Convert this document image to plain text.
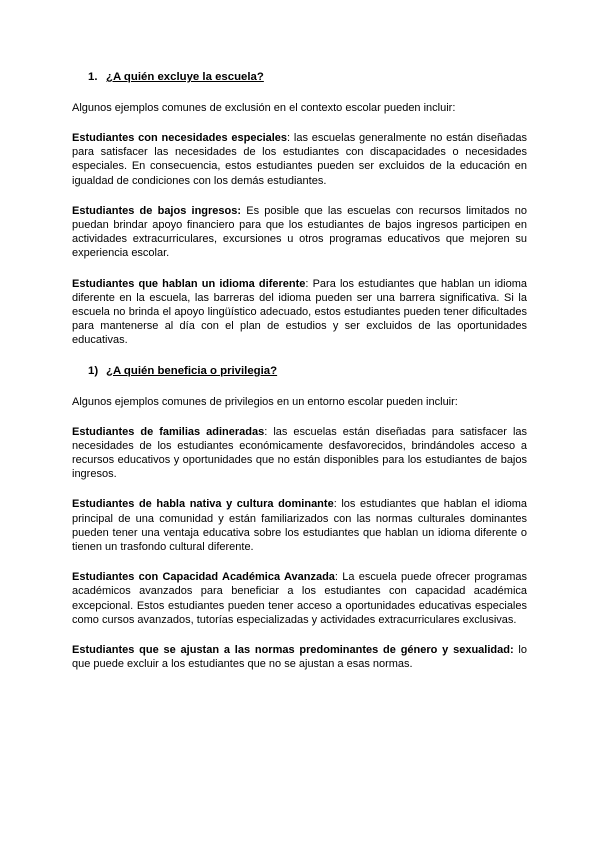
1. ¿A quién excluye la escuela?

Algunos ejemplos comunes de exclusión en el contexto escolar pueden incluir:

Estudiantes con necesidades especiales: las escuelas generalmente no están diseñadas para satisfacer las necesidades de los estudiantes con discapacidades o necesidades especiales. En consecuencia, estos estudiantes pueden ser excluidos de la educación en igualdad de condiciones con los demás estudiantes.

Estudiantes de bajos ingresos: Es posible que las escuelas con recursos limitados no puedan brindar apoyo financiero para que los estudiantes de bajos ingresos participen en actividades extracurriculares, excursiones u otros programas educativos que mejoren su experiencia escolar.

Estudiantes que hablan un idioma diferente: Para los estudiantes que hablan un idioma diferente en la escuela, las barreras del idioma pueden ser una barrera significativa. Si la escuela no brinda el apoyo lingüístico adecuado, estos estudiantes pueden tener dificultades para mantenerse al día con el plan de estudios y ser excluidos de las oportunidades educativas.

1) ¿A quién beneficia o privilegia?

Algunos ejemplos comunes de privilegios en un entorno escolar pueden incluir:

Estudiantes de familias adineradas: las escuelas están diseñadas para satisfacer las necesidades de los estudiantes económicamente desfavorecidos, brindándoles acceso a recursos educativos y oportunidades que no están disponibles para los estudiantes de bajos ingresos.

Estudiantes de habla nativa y cultura dominante: los estudiantes que hablan el idioma principal de una comunidad y están familiarizados con las normas culturales dominantes pueden tener una ventaja educativa sobre los estudiantes que hablan un idioma diferente o tienen un trasfondo cultural diferente.

Estudiantes con Capacidad Académica Avanzada: La escuela puede ofrecer programas académicos avanzados para beneficiar a los estudiantes con capacidad académica excepcional. Estos estudiantes pueden tener acceso a oportunidades educativas especiales como cursos avanzados, tutorías especializadas y actividades extracurriculares exclusivas.

Estudiantes que se ajustan a las normas predominantes de género y sexualidad: lo que puede excluir a los estudiantes que no se ajustan a esas normas.
